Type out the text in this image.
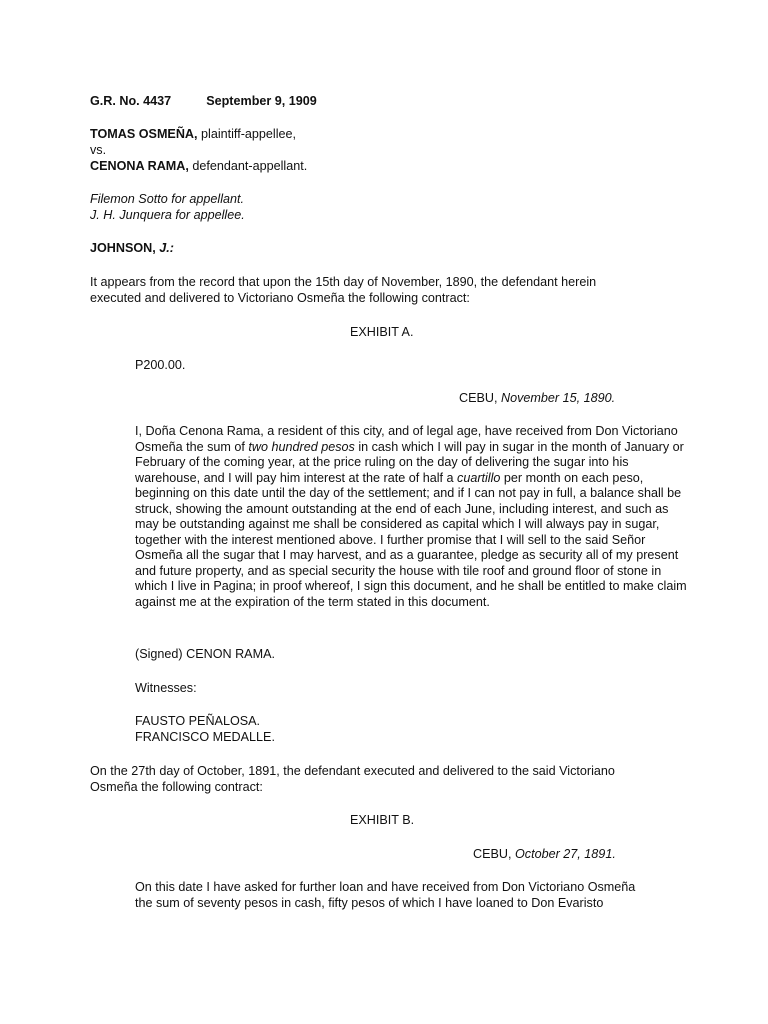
G.R. No. 4437	September 9, 1909
TOMAS OSMEÑA, plaintiff-appellee,
vs.
CENONA RAMA, defendant-appellant.
Filemon Sotto for appellant.
J. H. Junquera for appellee.
JOHNSON, J.:
It appears from the record that upon the 15th day of November, 1890, the defendant herein
executed and delivered to Victoriano Osmeña the following contract:
EXHIBIT A.
P200.00.
CEBU, November 15, 1890.
I, Doña Cenona Rama, a resident of this city, and of legal age, have received from Don Victoriano Osmeña the sum of two hundred pesos in cash which I will pay in sugar in the month of January or February of the coming year, at the price ruling on the day of delivering the sugar into his warehouse, and I will pay him interest at the rate of half a cuartillo per month on each peso, beginning on this date until the day of the settlement; and if I can not pay in full, a balance shall be struck, showing the amount outstanding at the end of each June, including interest, and such as may be outstanding against me shall be considered as capital which I will always pay in sugar, together with the interest mentioned above. I further promise that I will sell to the said Señor Osmeña all the sugar that I may harvest, and as a guarantee, pledge as security all of my present and future property, and as special security the house with tile roof and ground floor of stone in which I live in Pagina; in proof whereof, I sign this document, and he shall be entitled to make claim against me at the expiration of the term stated in this document.
(Signed) CENON RAMA.
Witnesses:
FAUSTO PEÑALOSA.
FRANCISCO MEDALLE.
On the 27th day of October, 1891, the defendant executed and delivered to the said Victoriano
Osmeña the following contract:
EXHIBIT B.
CEBU, October 27, 1891.
On this date I have asked for further loan and have received from Don Victoriano Osmeña
the sum of seventy pesos in cash, fifty pesos of which I have loaned to Don Evaristo
